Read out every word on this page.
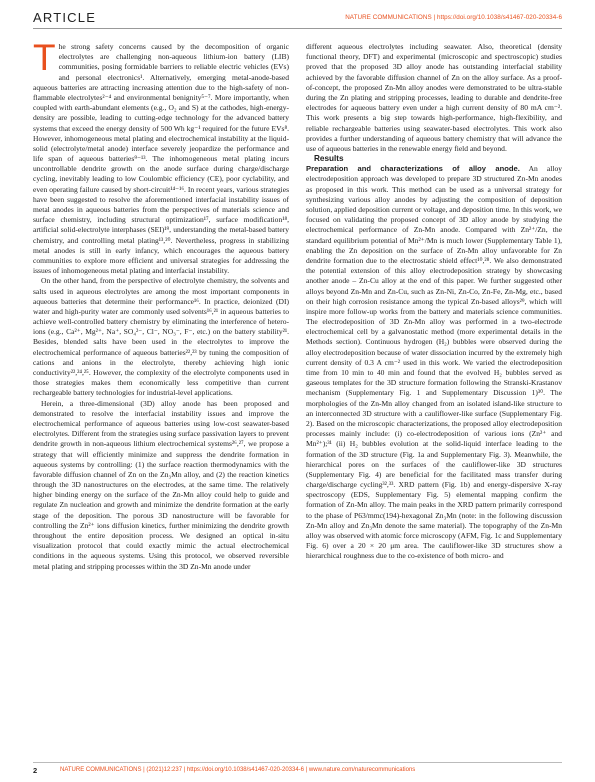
ARTICLE	NATURE COMMUNICATIONS | https://doi.org/10.1038/s41467-020-20334-6

The strong safety concerns caused by the decomposition of organic electrolytes are challenging non-aqueous lithium-ion battery (LIB) communities, posing formidable barriers to reliable electric vehicles (EVs) and personal electronics¹. Alternatively, emerging metal-anode-based aqueous batteries are attracting increasing attention due to the high-safety of non-flammable electrolytes²⁻⁴ and environmental benignity⁵⁻⁷. More importantly, when coupled with earth-abundant elements (e.g., O₂ and S) at the cathodes, high-energy-density are possible, leading to cutting-edge technology for the advanced battery systems that exceed the energy density of 500 Wh kg⁻¹ required for the future EVs⁸. However, inhomogeneous metal plating and electrochemical instability at the liquid-solid (electrolyte/metal anode) interface severely jeopardize the performance and life span of aqueous batteries⁹⁻¹³. The inhomogeneous metal plating incurs uncontrollable dendrite growth on the anode surface during charge/discharge cycling, inevitably leading to low Coulombic efficiency (CE), poor cyclability, and even operating failure caused by short-circuit¹⁴⁻¹⁶. In recent years, various strategies have been suggested to resolve the aforementioned interfacial instability issues of metal anodes in aqueous batteries from the perspectives of materials science and surface chemistry, including structural optimization¹⁷, surface modification¹⁸, artificial solid-electrolyte interphases (SEI)¹⁹, understanding the metal-based battery chemistry, and controlling metal plating¹³,²⁰. Nevertheless, progress in stabilizing metal anodes is still in early infancy, which encourages the aqueous battery communities to explore more efficient and universal strategies for addressing the issues of inhomogeneous metal plating and interfacial instability.

On the other hand, from the perspective of electrolyte chemistry, the solvents and salts used in aqueous electrolytes are among the most important components in aqueous batteries that determine their performance¹⁶. In practice, deionized (DI) water and high-purity water are commonly used solvents¹⁶,²¹ in aqueous batteries to achieve well-controlled battery chemistry by eliminating the interference of hetero-ions (e.g., Ca²⁺, Mg²⁺, Na⁺, SO₄²⁻, Cl⁻, NO₃⁻, F⁻, etc.) on the battery stability²¹. Besides, blended salts have been used in the electrolytes to improve the electrochemical performance of aqueous batteries²²,²³ by tuning the composition of cations and anions in the electrolyte, thereby achieving high ionic conductivity²²,²⁴,²⁵. However, the complexity of the electrolyte components used in those strategies makes them economically less competitive than current rechargeable battery technologies for industrial-level applications.

Herein, a three-dimensional (3D) alloy anode has been proposed and demonstrated to resolve the interfacial instability issues and improve the electrochemical performance of aqueous batteries using low-cost seawater-based electrolytes. Different from the strategies using surface passivation layers to prevent dendrite growth in non-aqueous lithium electrochemical systems²⁶,²⁷, we propose a strategy that will efficiently minimize and suppress the dendrite formation in aqueous systems by controlling: (1) the surface reaction thermodynamics with the favorable diffusion channel of Zn on the Zn₃Mn alloy, and (2) the reaction kinetics through the 3D nanostructures on the electrodes, at the same time. The relatively higher binding energy on the surface of the Zn-Mn alloy could help to guide and regulate Zn nucleation and growth and minimize the dendrite formation at the early stage of the deposition. The porous 3D nanostructure will be favorable for controlling the Zn²⁺ ions diffusion kinetics, further minimizing the dendrite growth throughout the entire deposition process. We designed an optical in-situ visualization protocol that could exactly mimic the actual electrochemical conditions in the aqueous systems. Using this protocol, we observed reversible metal plating and stripping processes within the 3D Zn-Mn anode under

different aqueous electrolytes including seawater. Also, theoretical (density functional theory, DFT) and experimental (microscopic and spectroscopic) studies proved that the proposed 3D alloy anode has outstanding interfacial stability achieved by the favorable diffusion channel of Zn on the alloy surface. As a proof-of-concept, the proposed Zn-Mn alloy anodes were demonstrated to be ultra-stable during the Zn plating and stripping processes, leading to durable and dendrite-free electrodes for aqueous battery even under a high current density of 80 mA cm⁻². This work presents a big step towards high-performance, high-flexibility, and reliable rechargeable batteries using seawater-based electrolytes. This work also provides a further understanding of aqueous battery chemistry that will advance the use of aqueous batteries in the renewable energy field and beyond.

Results

Preparation and characterizations of alloy anode. An alloy electrodeposition approach was developed to prepare 3D structured Zn-Mn anodes as proposed in this work. This method can be used as a universal strategy for synthesizing various alloy anodes by adjusting the composition of deposition solution, applied deposition current or voltage, and deposition time. In this work, we focused on validating the proposed concept of 3D alloy anode by studying the electrochemical performance of Zn-Mn anode. Compared with Zn²⁺/Zn, the standard equilibrium potential of Mn²⁺/Mn is much lower (Supplementary Table 1), enabling the Zn deposition on the surface of Zn-Mn alloy unfavorable for Zn dendrite formation due to the electrostatic shield effect¹⁰,²⁸. We also demonstrated the potential extension of this alloy electrodeposition strategy by showcasing another anode – Zn-Cu alloy at the end of this paper. We further suggested other alloys beyond Zn-Mn and Zn-Cu, such as Zn-Ni, Zn-Co, Zn-Fe, Zn-Mg, etc., based on their high corrosion resistance among the typical Zn-based alloys²⁹, which will inspire more follow-up works from the battery and materials science communities. The electrodeposition of 3D Zn-Mn alloy was performed in a two-electrode electrochemical cell by a galvanostatic method (more experimental details in the Methods section). Continuous hydrogen (H₂) bubbles were observed during the alloy electrodeposition because of water dissociation incurred by the extremely high current density of 0.3 A cm⁻² used in this work. We varied the electrodeposition time from 10 min to 40 min and found that the evolved H₂ bubbles served as gaseous templates for the 3D structure formation following the Stranski-Krastanov mechanism (Supplementary Fig. 1 and Supplementary Discussion 1)³⁰. The morphologies of the Zn-Mn alloy changed from an isolated island-like structure to an interconnected 3D structure with a cauliflower-like surface (Supplementary Fig. 2). Based on the microscopic characterizations, the proposed alloy electrodeposition processes mainly include: (i) co-electrodeposition of various ions (Zn²⁺ and Mn²⁺);³¹ (ii) H₂ bubbles evolution at the solid-liquid interface leading to the formation of the 3D structure (Fig. 1a and Supplementary Fig. 3). Meanwhile, the hierarchical pores on the surfaces of the cauliflower-like 3D structures (Supplementary Fig. 4) are beneficial for the facilitated mass transfer during charge/discharge cycling³²,³³. XRD pattern (Fig. 1b) and energy-dispersive X-ray spectroscopy (EDS, Supplementary Fig. 5) elemental mapping confirm the formation of Zn-Mn alloy. The main peaks in the XRD pattern primarily correspond to the phase of P63/mmc(194)-hexagonal Zn₃Mn (note: in the following discussion Zn-Mn alloy and Zn₃Mn denote the same material). The topography of the Zn-Mn alloy was observed with atomic force microscopy (AFM, Fig. 1c and Supplementary Fig. 6) over a 20 × 20 μm area. The cauliflower-like 3D structures show a hierarchical roughness due to the co-existence of both micro- and

2	NATURE COMMUNICATIONS | (2021)12:237 | https://doi.org/10.1038/s41467-020-20334-6 | www.nature.com/naturecommunications
